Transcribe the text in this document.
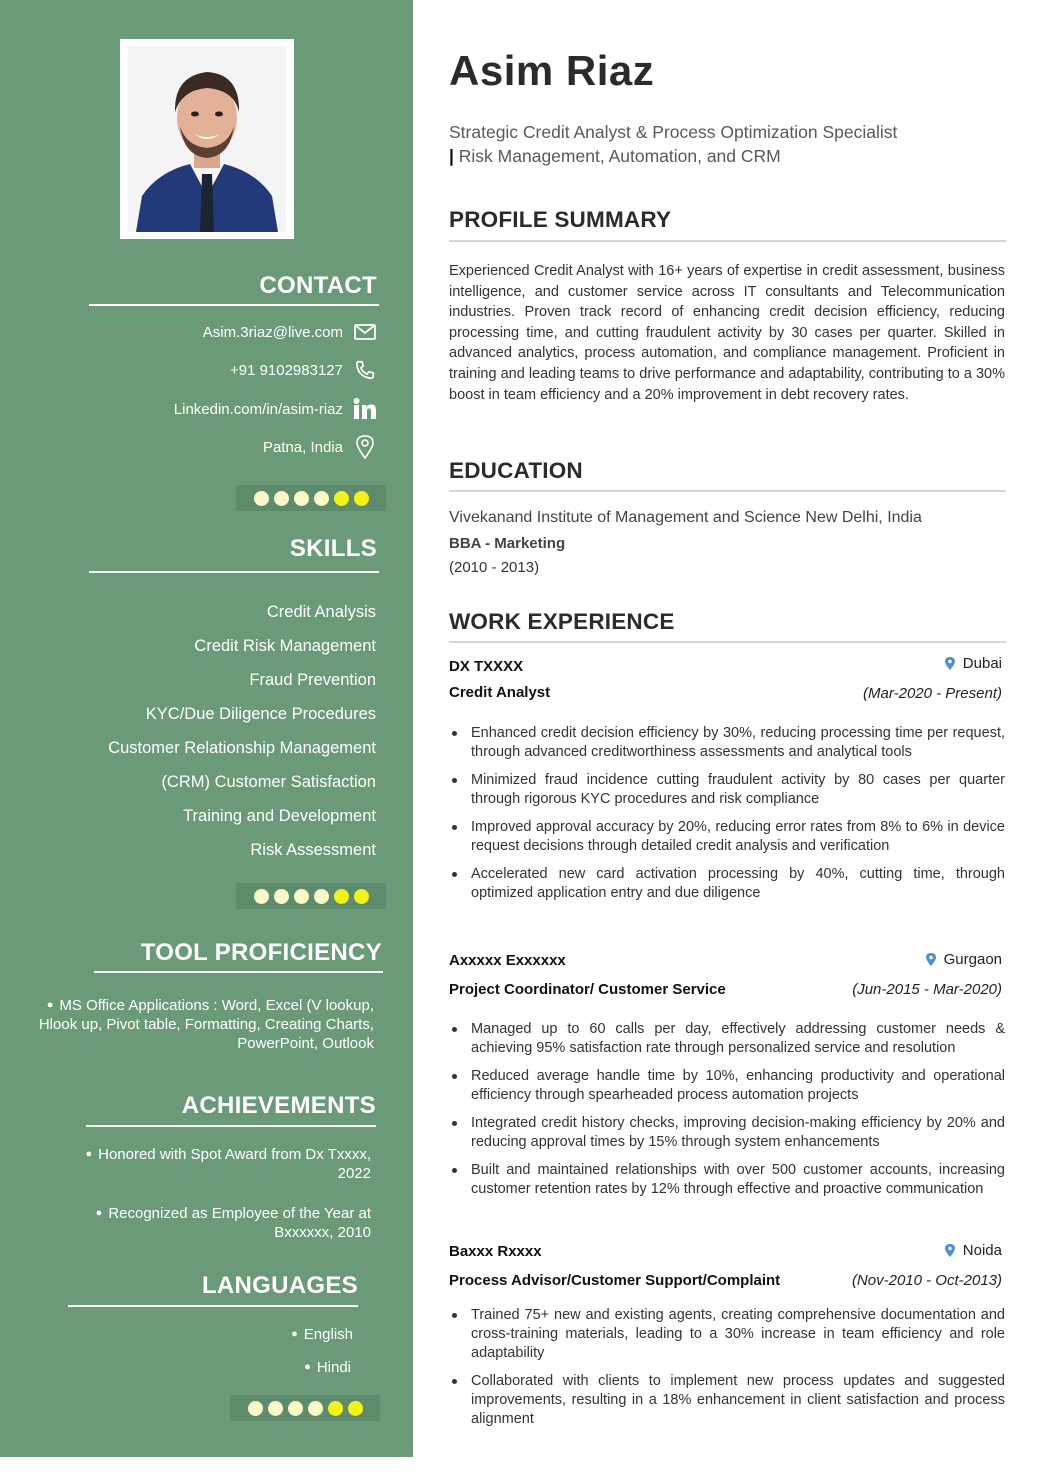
CONTACT
Asim.3riaz@live.com
+91 9102983127
Linkedin.com/in/asim-riaz
Patna, India
SKILLS
Credit Analysis
Credit Risk Management
Fraud Prevention
KYC/Due Diligence Procedures
Customer Relationship Management
(CRM) Customer Satisfaction
Training and Development
Risk Assessment
TOOL PROFICIENCY
● MS Office Applications : Word, Excel (V lookup, Hlook up, Pivot table, Formatting, Creating Charts, PowerPoint, Outlook
ACHIEVEMENTS
● Honored with Spot Award from Dx Txxxx, 2022
● Recognized as Employee of the Year at Bxxxxxx, 2010
LANGUAGES
● English
● Hindi
Asim Riaz
Strategic Credit Analyst & Process Optimization Specialist
| Risk Management, Automation, and CRM
PROFILE SUMMARY
Experienced Credit Analyst with 16+ years of expertise in credit assessment, business intelligence, and customer service across IT consultants and Telecommunication industries. Proven track record of enhancing credit decision efficiency, reducing processing time, and cutting fraudulent activity by 30 cases per quarter. Skilled in advanced analytics, process automation, and compliance management. Proficient in training and leading teams to drive performance and adaptability, contributing to a 30% boost in team efficiency and a 20% improvement in debt recovery rates.
EDUCATION
Vivekanand Institute of Management and Science New Delhi, India
BBA - Marketing
(2010 - 2013)
WORK EXPERIENCE
DX TXXXX	Dubai
Credit Analyst	(Mar-2020 - Present)
Enhanced credit decision efficiency by 30%, reducing processing time per request, through advanced creditworthiness assessments and analytical tools
Minimized fraud incidence cutting fraudulent activity by 80 cases per quarter through rigorous KYC procedures and risk compliance
Improved approval accuracy by 20%, reducing error rates from 8% to 6% in device request decisions through detailed credit analysis and verification
Accelerated new card activation processing by 40%, cutting time, through optimized application entry and due diligence
Axxxxx Exxxxxx	Gurgaon
Project Coordinator/ Customer Service	(Jun-2015 - Mar-2020)
Managed up to 60 calls per day, effectively addressing customer needs & achieving 95% satisfaction rate through personalized service and resolution
Reduced average handle time by 10%, enhancing productivity and operational efficiency through spearheaded process automation projects
Integrated credit history checks, improving decision-making efficiency by 20% and reducing approval times by 15% through system enhancements
Built and maintained relationships with over 500 customer accounts, increasing customer retention rates by 12% through effective and proactive communication
Baxxx Rxxxx	Noida
Process Advisor/Customer Support/Complaint	(Nov-2010 - Oct-2013)
Trained 75+ new and existing agents, creating comprehensive documentation and cross-training materials, leading to a 30% increase in team efficiency and role adaptability
Collaborated with clients to implement new process updates and suggested improvements, resulting in a 18% enhancement in client satisfaction and process alignment
